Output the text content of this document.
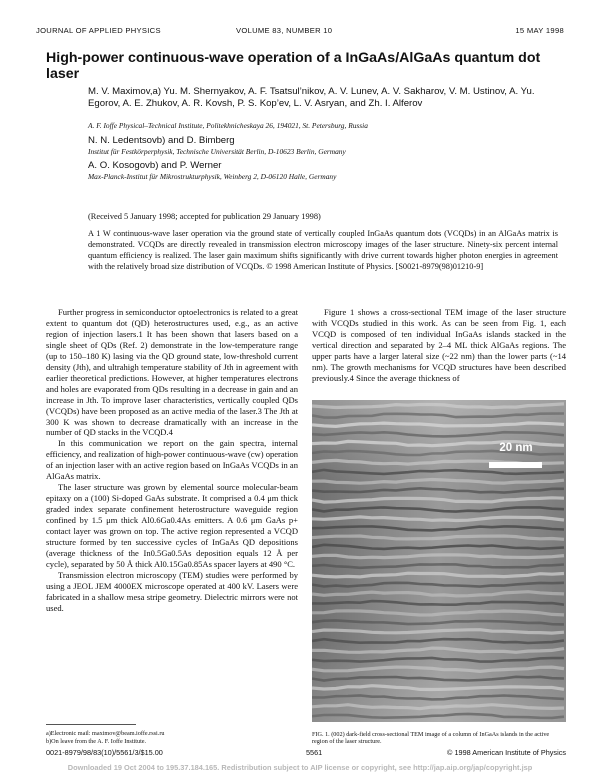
JOURNAL OF APPLIED PHYSICS	VOLUME 83, NUMBER 10	15 MAY 1998
High-power continuous-wave operation of a InGaAs/AlGaAs quantum dot laser
M. V. Maximov,a) Yu. M. Shernyakov, A. F. Tsatsul’nikov, A. V. Lunev, A. V. Sakharov, V. M. Ustinov, A. Yu. Egorov, A. E. Zhukov, A. R. Kovsh, P. S. Kop’ev, L. V. Asryan, and Zh. I. Alferov
A. F. Ioffe Physical–Technical Institute, Politekhnicheskaya 26, 194021, St. Petersburg, Russia
N. N. Ledentsovb) and D. Bimberg
Institut für Festkörperphysik, Technische Universität Berlin, D-10623 Berlin, Germany
A. O. Kosogovb) and P. Werner
Max-Planck-Institut für Mikrostrukturphysik, Weinberg 2, D-06120 Halle, Germany
(Received 5 January 1998; accepted for publication 29 January 1998)
A 1 W continuous-wave laser operation via the ground state of vertically coupled InGaAs quantum dots (VCQDs) in an AlGaAs matrix is demonstrated. VCQDs are directly revealed in transmission electron microscopy images of the laser structure. Ninety-six percent internal quantum efficiency is realized. The laser gain maximum shifts significantly with drive current towards higher photon energies in agreement with the relatively broad size distribution of VCQDs. © 1998 American Institute of Physics. [S0021-8979(98)01210-9]

Further progress in semiconductor optoelectronics is related to a great extent to quantum dot (QD) heterostructures used, e.g., as an active region of injection lasers.1 It has been shown that lasers based on a single sheet of QDs (Ref. 2) demonstrate in the low-temperature range (up to 150–180 K) lasing via the QD ground state, low-threshold current density (Jth), and ultrahigh temperature stability of Jth in agreement with earlier theoretical predictions. However, at higher temperatures electrons and holes are evaporated from QDs resulting in a decrease in gain and an increase in Jth. To improve laser characteristics, vertically coupled QDs (VCQDs) have been proposed as an active media of the laser.3 The Jth at 300 K was shown to decrease dramatically with an increase in the number of QD stacks in the VCQD.4

In this communication we report on the gain spectra, internal efficiency, and realization of high-power continuous-wave (cw) operation of an injection laser with an active region based on InGaAs VCQDs in an AlGaAs matrix.

The laser structure was grown by elemental source molecular-beam epitaxy on a (100) Si-doped GaAs substrate. It comprised a 0.4 μm thick graded index separate confinement heterostructure waveguide region confined by 1.5 μm thick Al0.6Ga0.4As emitters. A 0.6 μm GaAs p+ contact layer was grown on top. The active region represented a VCQD structure formed by ten successive cycles of InGaAs QD depositions (average thickness of the In0.5Ga0.5As deposition equals 12 Å per cycle), separated by 50 Å thick Al0.15Ga0.85As spacer layers at 490 °C.

Transmission electron microscopy (TEM) studies were performed by using a JEOL JEM 4000EX microscope operated at 400 kV. Lasers were fabricated in a shallow mesa stripe geometry. Dielectric mirrors were not used.

Figure 1 shows a cross-sectional TEM image of the laser structure with VCQDs studied in this work. As can be seen from Fig. 1, each VCQD is composed of ten individual InGaAs islands stacked in the vertical direction and separated by 2–4 ML thick AlGaAs regions. The upper parts have a larger lateral size (~22 nm) than the lower parts (~14 nm). The growth mechanisms for VCQD structures have been described previously.4 Since the average thickness of

20 nm
FIG. 1. (002) dark-field cross-sectional TEM image of a column of InGaAs islands in the active region of the laser structure.
a)Electronic mail: maximov@beam.ioffe.rssi.ru
b)On leave from the A. F. Ioffe Institute.
0021-8979/98/83(10)/5561/3/$15.00	5561	© 1998 American Institute of Physics
Downloaded 19 Oct 2004 to 195.37.184.165. Redistribution subject to AIP license or copyright, see http://jap.aip.org/jap/copyright.jsp
